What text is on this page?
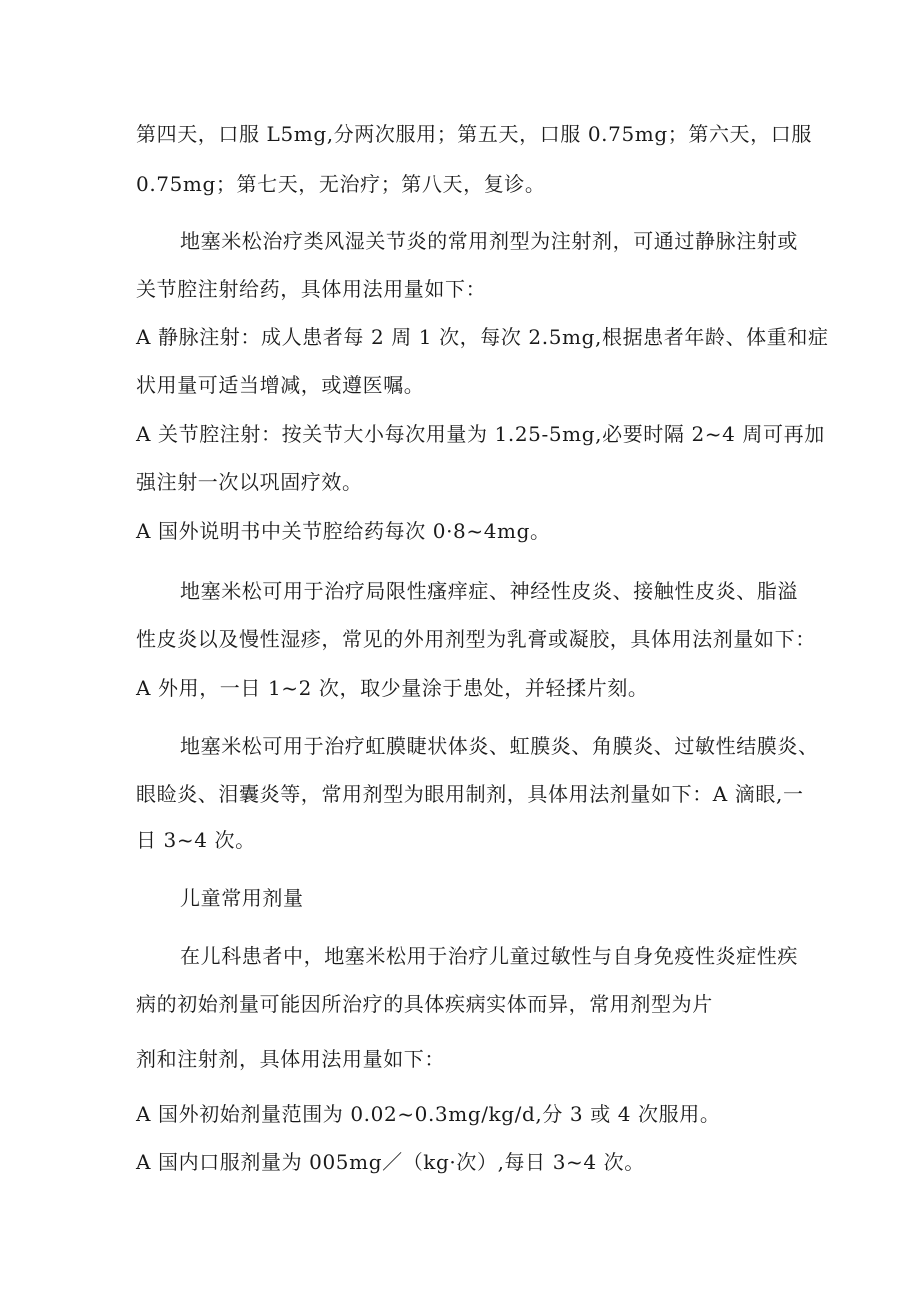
第四天，口服 L5mg,分两次服用；第五天，口服 0.75mg；第六天，口服
0.75mg；第七天，无治疗；第八天，复诊。
地塞米松治疗类风湿关节炎的常用剂型为注射剂，可通过静脉注射或
关节腔注射给药，具体用法用量如下：
A 静脉注射：成人患者每 2 周 1 次，每次 2.5mg,根据患者年龄、体重和症
状用量可适当增减，或遵医嘱。
A 关节腔注射：按关节大小每次用量为 1.25-5mg,必要时隔 2~4 周可再加
强注射一次以巩固疗效。
A 国外说明书中关节腔给药每次 0·8~4mg。
地塞米松可用于治疗局限性瘙痒症、神经性皮炎、接触性皮炎、脂溢
性皮炎以及慢性湿疹，常见的外用剂型为乳膏或凝胶，具体用法剂量如下：
A 外用，一日 1~2 次，取少量涂于患处，并轻揉片刻。
地塞米松可用于治疗虹膜睫状体炎、虹膜炎、角膜炎、过敏性结膜炎、
眼睑炎、泪囊炎等，常用剂型为眼用制剂，具体用法剂量如下：A 滴眼,一
日 3~4 次。
儿童常用剂量
在儿科患者中，地塞米松用于治疗儿童过敏性与自身免疫性炎症性疾
病的初始剂量可能因所治疗的具体疾病实体而异，常用剂型为片
剂和注射剂，具体用法用量如下：
A 国外初始剂量范围为 0.02~0.3mg/kg/d,分 3 或 4 次服用。
A 国内口服剂量为 005mg／（kg·次）,每日 3~4 次。
